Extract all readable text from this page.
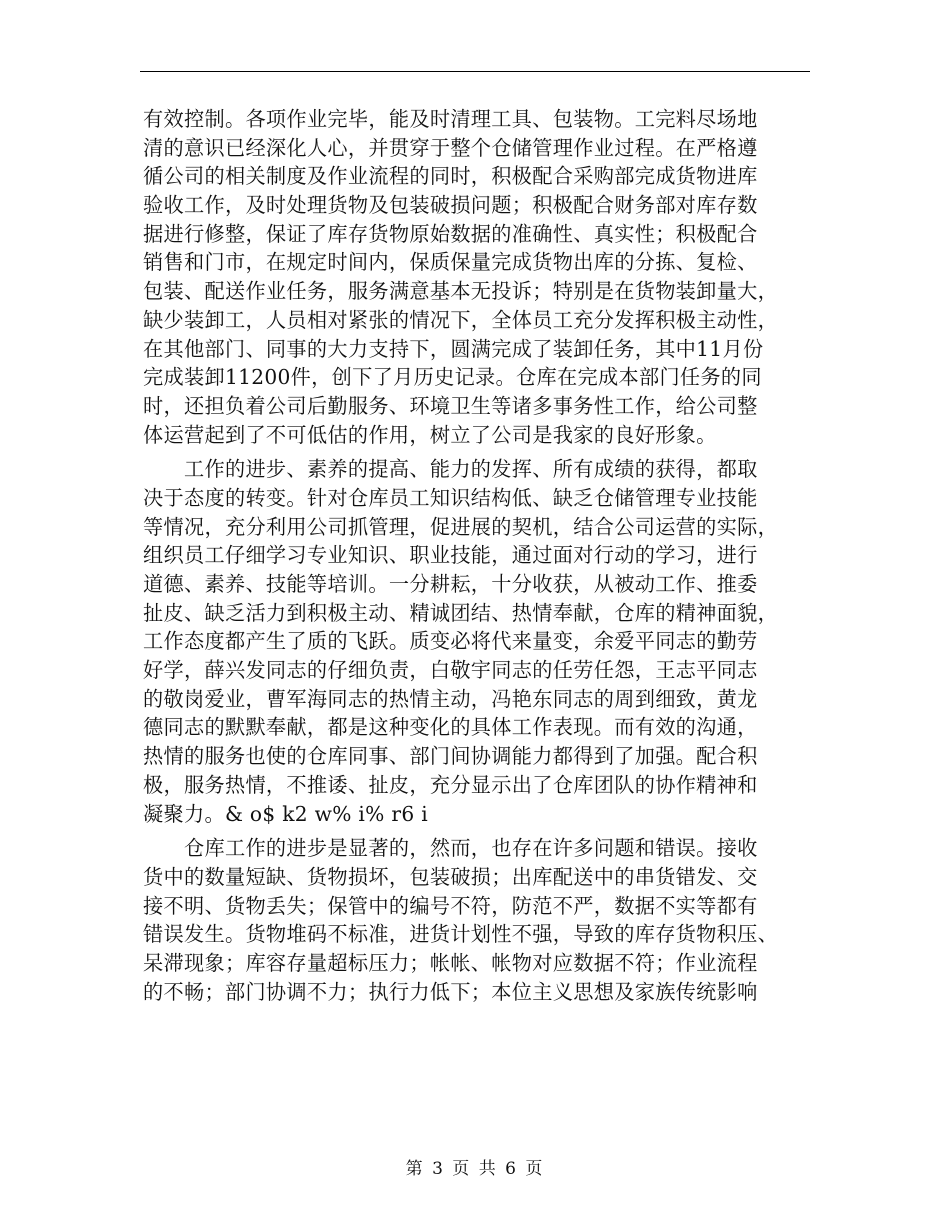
有效控制。各项作业完毕，能及时清理工具、包装物。工完料尽场地
清的意识已经深化人心，并贯穿于整个仓储管理作业过程。在严格遵
循公司的相关制度及作业流程的同时，积极配合采购部完成货物进库
验收工作，及时处理货物及包装破损问题；积极配合财务部对库存数
据进行修整，保证了库存货物原始数据的准确性、真实性；积极配合
销售和门市，在规定时间内，保质保量完成货物出库的分拣、复检、
包装、配送作业任务，服务满意基本无投诉；特别是在货物装卸量大，
缺少装卸工，人员相对紧张的情况下，全体员工充分发挥积极主动性，
在其他部门、同事的大力支持下，圆满完成了装卸任务，其中11月份
完成装卸11200件，创下了月历史记录。仓库在完成本部门任务的同
时，还担负着公司后勤服务、环境卫生等诸多事务性工作，给公司整
体运营起到了不可低估的作用，树立了公司是我家的良好形象。
　　工作的进步、素养的提高、能力的发挥、所有成绩的获得，都取
决于态度的转变。针对仓库员工知识结构低、缺乏仓储管理专业技能
等情况，充分利用公司抓管理，促进展的契机，结合公司运营的实际，
组织员工仔细学习专业知识、职业技能，通过面对行动的学习，进行
道德、素养、技能等培训。一分耕耘，十分收获，从被动工作、推委
扯皮、缺乏活力到积极主动、精诚团结、热情奉献，仓库的精神面貌，
工作态度都产生了质的飞跃。质变必将代来量变，余爱平同志的勤劳
好学，薛兴发同志的仔细负责，白敬宇同志的任劳任怨，王志平同志
的敬岗爱业，曹军海同志的热情主动，冯艳东同志的周到细致，黄龙
德同志的默默奉献，都是这种变化的具体工作表现。而有效的沟通，
热情的服务也使的仓库同事、部门间协调能力都得到了加强。配合积
极，服务热情，不推诿、扯皮，充分显示出了仓库团队的协作精神和
凝聚力。& o$ k2 w% i% r6 i
　　仓库工作的进步是显著的，然而，也存在许多问题和错误。接收
货中的数量短缺、货物损坏，包装破损；出库配送中的串货错发、交
接不明、货物丢失；保管中的编号不符，防范不严，数据不实等都有
错误发生。货物堆码不标准，进货计划性不强，导致的库存货物积压、
呆滞现象；库容存量超标压力；帐帐、帐物对应数据不符；作业流程
的不畅；部门协调不力；执行力低下；本位主义思想及家族传统影响
第 3 页 共 6 页
